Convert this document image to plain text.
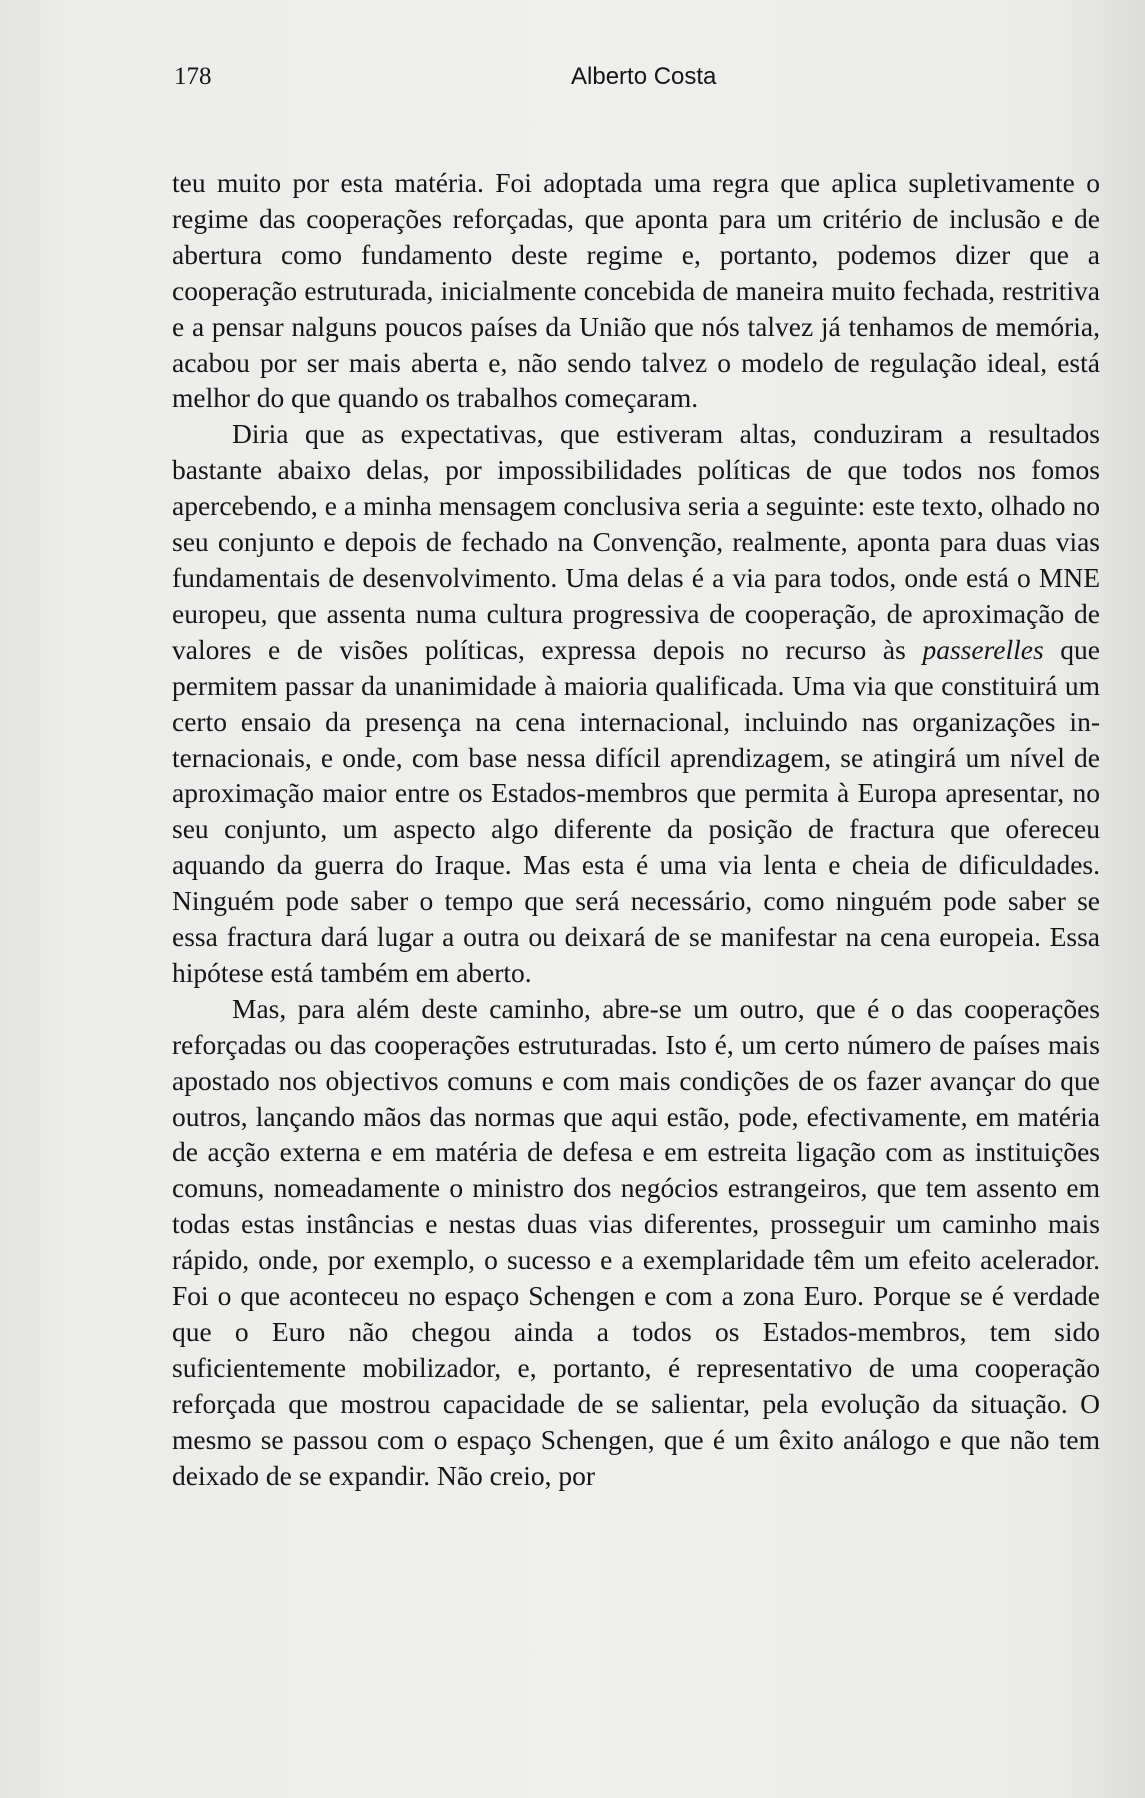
178	Alberto Costa

teu muito por esta matéria. Foi adoptada uma regra que aplica supletivamente o regime das cooperações reforçadas, que aponta para um critério de inclusão e de abertura como fundamento deste regime e, portanto, podemos dizer que a cooperação estruturada, inicialmente concebida de maneira muito fechada, restritiva e a pensar nalguns poucos países da União que nós talvez já tenhamos de memória, acabou por ser mais aberta e, não sendo talvez o modelo de regulação ideal, está melhor do que quando os trabalhos começaram.

Diria que as expectativas, que estiveram altas, conduziram a resultados bastante abaixo delas, por impossibilidades políticas de que todos nos fomos apercebendo, e a minha mensagem conclusiva seria a seguinte: este texto, olhado no seu conjunto e depois de fechado na Convenção, realmente, aponta para duas vias fundamentais de desenvolvimento. Uma delas é a via para todos, onde está o MNE europeu, que assenta numa cultura progressiva de cooperação, de aproximação de valores e de visões políticas, expressa depois no recurso às passerelles que permitem passar da unanimidade à maioria qualificada. Uma via que constituirá um certo ensaio da presença na cena internacional, incluindo nas organizações internacionais, e onde, com base nessa difícil aprendizagem, se atingirá um nível de aproximação maior entre os Estados-membros que permita à Europa apresentar, no seu conjunto, um aspecto algo diferente da posição de fractura que ofereceu aquando da guerra do Iraque. Mas esta é uma via lenta e cheia de dificuldades. Ninguém pode saber o tempo que será necessário, como ninguém pode saber se essa fractura dará lugar a outra ou deixará de se manifestar na cena europeia. Essa hipótese está também em aberto.

Mas, para além deste caminho, abre-se um outro, que é o das cooperações reforçadas ou das cooperações estruturadas. Isto é, um certo número de países mais apostado nos objectivos comuns e com mais condições de os fazer avançar do que outros, lançando mãos das normas que aqui estão, pode, efectivamente, em matéria de acção externa e em matéria de defesa e em estreita ligação com as instituições comuns, nomeadamente o ministro dos negócios estrangeiros, que tem assento em todas estas instâncias e nestas duas vias diferentes, prosseguir um caminho mais rápido, onde, por exemplo, o sucesso e a exemplaridade têm um efeito acelerador. Foi o que aconteceu no espaço Schengen e com a zona Euro. Porque se é verdade que o Euro não chegou ainda a todos os Estados-membros, tem sido suficientemente mobilizador, e, portanto, é representativo de uma cooperação reforçada que mostrou capacidade de se salientar, pela evolução da situação. O mesmo se passou com o espaço Schengen, que é um êxito análogo e que não tem deixado de se expandir. Não creio, por
